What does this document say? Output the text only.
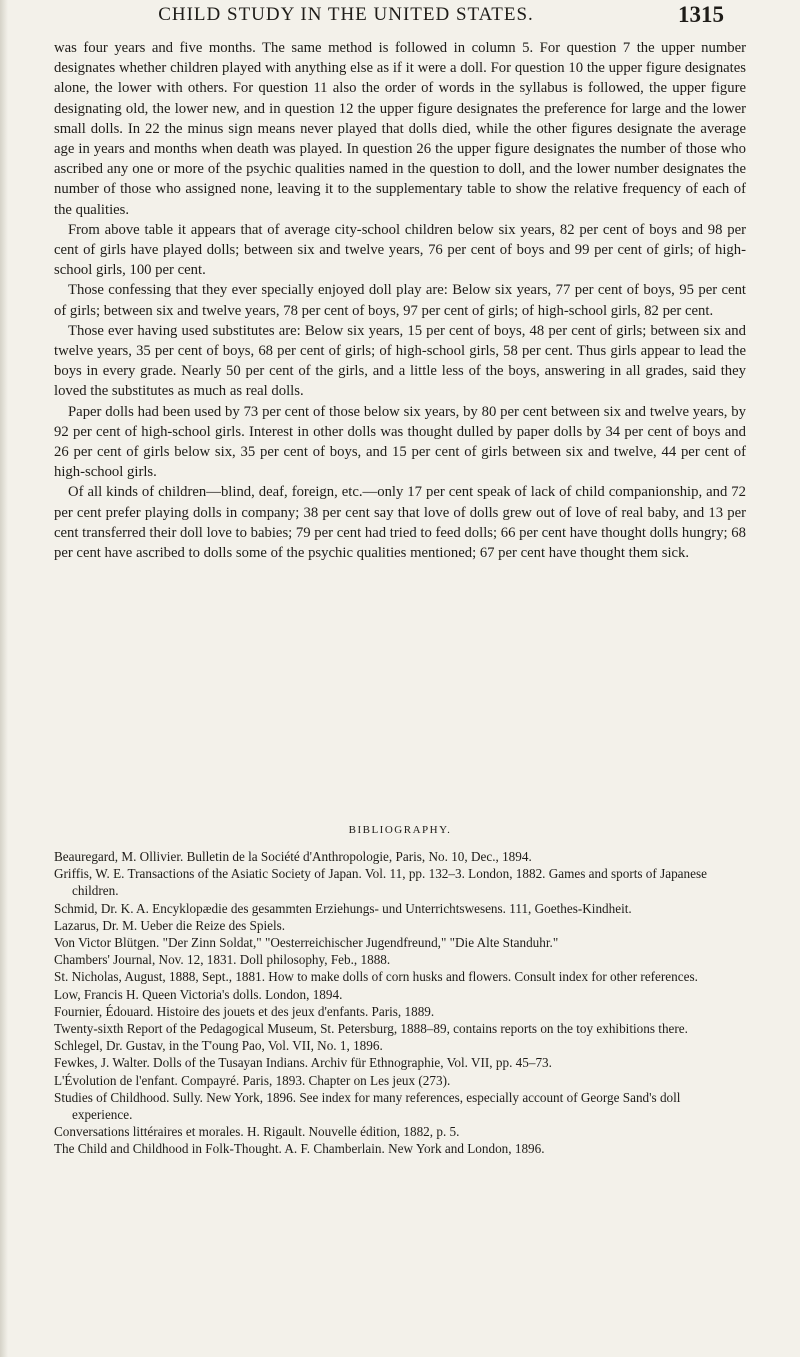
CHILD STUDY IN THE UNITED STATES.	1315

was four years and five months. The same method is followed in column 5. For question 7 the upper number designates whether children played with anything else as if it were a doll. For question 10 the upper figure designates alone, the lower with others. For question 11 also the order of words in the syllabus is followed, the upper figure designating old, the lower new, and in question 12 the upper figure designates the preference for large and the lower small dolls. In 22 the minus sign means never played that dolls died, while the other figures designate the average age in years and months when death was played. In question 26 the upper figure designates the number of those who ascribed any one or more of the psychic qualities named in the question to doll, and the lower number designates the number of those who assigned none, leaving it to the supplementary table to show the relative frequency of each of the qualities.

From above table it appears that of average city-school children below six years, 82 per cent of boys and 98 per cent of girls have played dolls; between six and twelve years, 76 per cent of boys and 99 per cent of girls; of high-school girls, 100 per cent.

Those confessing that they ever specially enjoyed doll play are: Below six years, 77 per cent of boys, 95 per cent of girls; between six and twelve years, 78 per cent of boys, 97 per cent of girls; of high-school girls, 82 per cent.

Those ever having used substitutes are: Below six years, 15 per cent of boys, 48 per cent of girls; between six and twelve years, 35 per cent of boys, 68 per cent of girls; of high-school girls, 58 per cent. Thus girls appear to lead the boys in every grade. Nearly 50 per cent of the girls, and a little less of the boys, answering in all grades, said they loved the substitutes as much as real dolls.

Paper dolls had been used by 73 per cent of those below six years, by 80 per cent between six and twelve years, by 92 per cent of high-school girls. Interest in other dolls was thought dulled by paper dolls by 34 per cent of boys and 26 per cent of girls below six, 35 per cent of boys, and 15 per cent of girls between six and twelve, 44 per cent of high-school girls.

Of all kinds of children—blind, deaf, foreign, etc.—only 17 per cent speak of lack of child companionship, and 72 per cent prefer playing dolls in company; 38 per cent say that love of dolls grew out of love of real baby, and 13 per cent transferred their doll love to babies; 79 per cent had tried to feed dolls; 66 per cent have thought dolls hungry; 68 per cent have ascribed to dolls some of the psychic qualities mentioned; 67 per cent have thought them sick.

BIBLIOGRAPHY.

Beauregard, M. Ollivier. Bulletin de la Société d'Anthropologie, Paris, No. 10, Dec., 1894.

Griffis, W. E. Transactions of the Asiatic Society of Japan. Vol. 11, pp. 132–3. London, 1882. Games and sports of Japanese children.

Schmid, Dr. K. A. Encyklopædie des gesammten Erziehungs- und Unterrichtswesens. 111, Goethes-Kindheit.

Lazarus, Dr. M. Ueber die Reize des Spiels.

Von Victor Blütgen. "Der Zinn Soldat," "Oesterreichischer Jugendfreund," "Die Alte Standuhr."

Chambers' Journal, Nov. 12, 1831. Doll philosophy, Feb., 1888.

St. Nicholas, August, 1888, Sept., 1881. How to make dolls of corn husks and flowers. Consult index for other references.

Low, Francis H. Queen Victoria's dolls. London, 1894.

Fournier, Édouard. Histoire des jouets et des jeux d'enfants. Paris, 1889.

Twenty-sixth Report of the Pedagogical Museum, St. Petersburg, 1888–89, contains reports on the toy exhibitions there.

Schlegel, Dr. Gustav, in the T'oung Pao, Vol. VII, No. 1, 1896.

Fewkes, J. Walter. Dolls of the Tusayan Indians. Archiv für Ethnographie, Vol. VII, pp. 45–73.

L'Évolution de l'enfant. Compayré. Paris, 1893. Chapter on Les jeux (273).

Studies of Childhood. Sully. New York, 1896. See index for many references, especially account of George Sand's doll experience.

Conversations littéraires et morales. H. Rigault. Nouvelle édition, 1882, p. 5.

The Child and Childhood in Folk-Thought. A. F. Chamberlain. New York and London, 1896.
